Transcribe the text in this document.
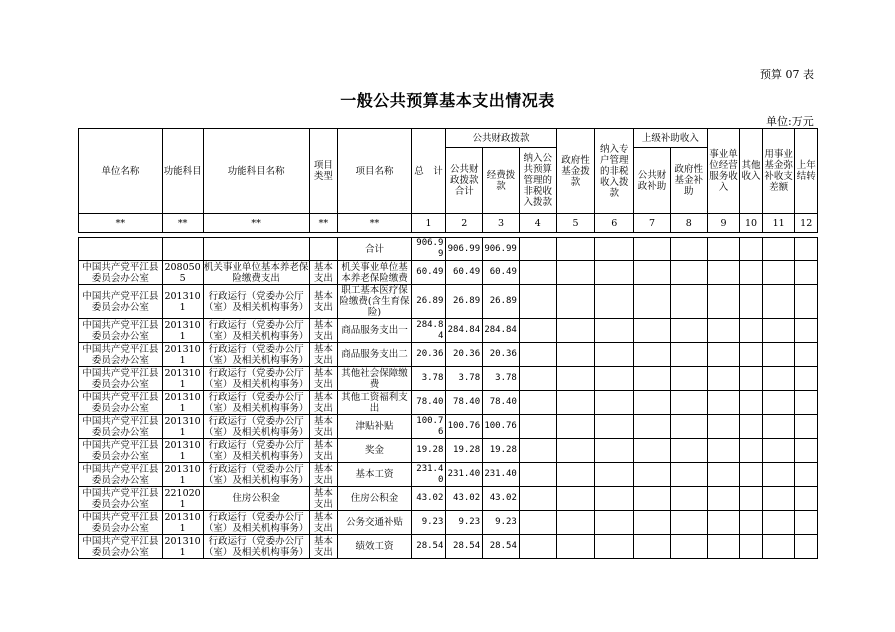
预算 07 表
一般公共预算基本支出情况表
单位:万元
单位名称	功能科目	功能科目名称	项目类型	项目名称	总　计	公共财政拨款			政府性基金拨款	纳入专户管理的非税收入拨款	上级补助收入		事业单位经营服务收入	其他收入	用事业基金弥补收支差额	上年结转
						公共财政拨款合计	经费拨款	纳入公共预算管理的非税收入拨款			公共财政补助	政府性基金补助				

**	**	**	**	**	1	2	3	4	5	6	7	8	9	10	11	12

				合计	906.99	906.99	906.99									
中国共产党平江县委员会办公室	2080505	机关事业单位基本养老保险缴费支出	基本支出	机关事业单位基本养老保险缴费	60.49	60.49	60.49									
中国共产党平江县委员会办公室	2013101	行政运行（党委办公厅（室）及相关机构事务）	基本支出	职工基本医疗保险缴费(含生育保险)	26.89	26.89	26.89									
中国共产党平江县委员会办公室	2013101	行政运行（党委办公厅（室）及相关机构事务）	基本支出	商品服务支出一	284.84	284.84	284.84									
中国共产党平江县委员会办公室	2013101	行政运行（党委办公厅（室）及相关机构事务）	基本支出	商品服务支出二	20.36	20.36	20.36									
中国共产党平江县委员会办公室	2013101	行政运行（党委办公厅（室）及相关机构事务）	基本支出	其他社会保障缴费	3.78	3.78	3.78									
中国共产党平江县委员会办公室	2013101	行政运行（党委办公厅（室）及相关机构事务）	基本支出	其他工资福利支出	78.40	78.40	78.40									
中国共产党平江县委员会办公室	2013101	行政运行（党委办公厅（室）及相关机构事务）	基本支出	津贴补贴	100.76	100.76	100.76									
中国共产党平江县委员会办公室	2013101	行政运行（党委办公厅（室）及相关机构事务）	基本支出	奖金	19.28	19.28	19.28									
中国共产党平江县委员会办公室	2013101	行政运行（党委办公厅（室）及相关机构事务）	基本支出	基本工资	231.40	231.40	231.40									
中国共产党平江县委员会办公室	2210201	住房公积金	基本支出	住房公积金	43.02	43.02	43.02									
中国共产党平江县委员会办公室	2013101	行政运行（党委办公厅（室）及相关机构事务）	基本支出	公务交通补贴	9.23	9.23	9.23									
中国共产党平江县委员会办公室	2013101	行政运行（党委办公厅（室）及相关机构事务）	基本支出	绩效工资	28.54	28.54	28.54									
